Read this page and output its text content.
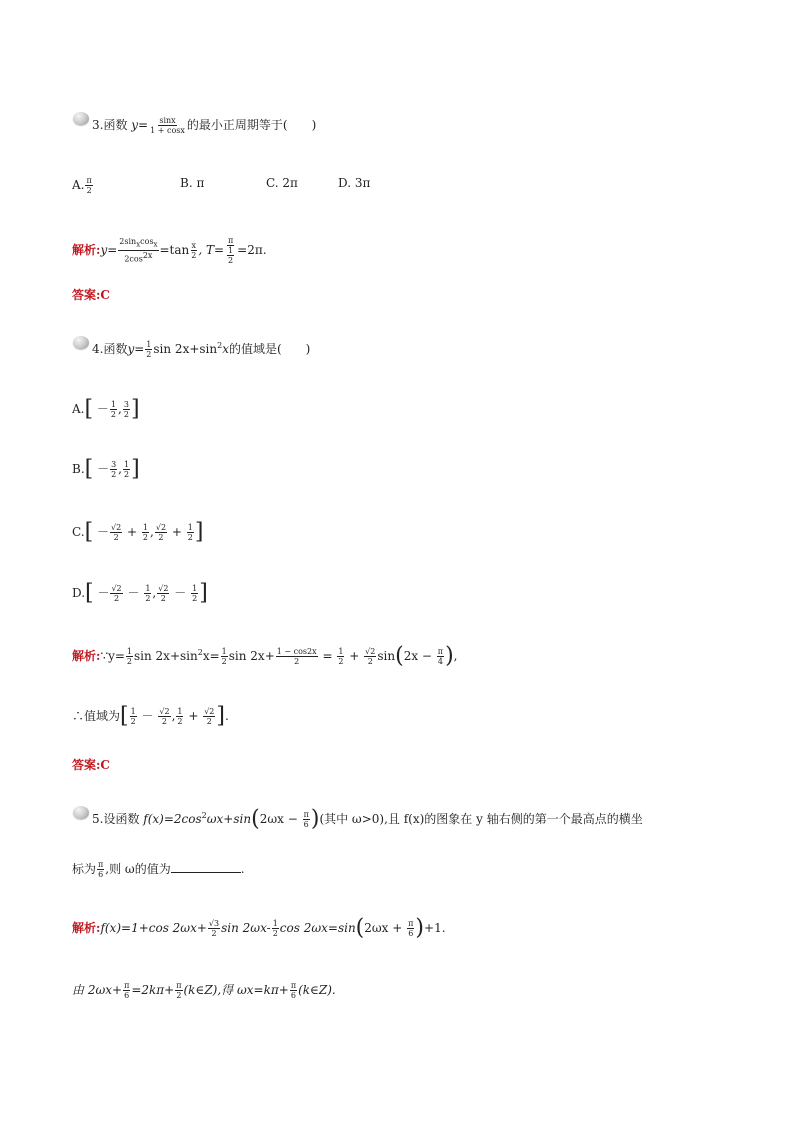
3.函数 $y= \frac{\sin x}{1 + \cos x}$ 的最小正周期等于(　　)
A. $\frac{\pi}{2}$	B. π	C. 2π	D. 3π
解析:y= $\frac{\text{2sinxcosx}}{2\cos 2x} =\tan \frac{x}{2}$ , $T= \frac{\pi}{\frac{1}{2}} =2\pi$.
答案:C
4.函数$y= \frac{1}{2}$ $\sin 2x+\sin^2x$的值域是(　　)
$A.[ - \frac{1}{2}$ , $\frac{3}{2}$ ]
$B.[ - \frac{3}{2}$ , $\frac{1}{2}$ ]
$C.[ - \frac{√2}{2} + \frac{1}{2}$ , $\frac{√2}{2} + \frac{1}{2}$ ]
$D.[ - \frac{√2}{2} - \frac{1}{2}$ , $\frac{√2}{2} - \frac{1}{2}$ ]
解析:∵y= $\frac{1}{2}$ $\sin 2x+\sin^2x= \frac{1}{2}$ $\sin 2x+ \frac{1 - \cos 2x}{2} = \frac{1}{2} + \frac{√2}{2} \sin(2x - \frac{\pi}{4}$ ),
∴值域为[ $\frac{1}{2} - \frac{√2}{2}$ , $\frac{1}{2} + \frac{√2}{2}$ ].
答案:C
5.设函数 $f(x)=2\cos^2\omega x+\sin(2\omega x - \frac{\pi}{6}$ )(其中 ω>0),且 f(x)的图象在 y 轴右侧的第一个最高点的横坐
标为 $\frac{\pi}{6}$ ,则 ω的值为	.
解析:f(x)=1+cos $2\omega x+ \frac{√3}{2}$ $\sin 2\omega x- \frac{1}{2}$ $\cos 2\omega x=\sin(2\omega x + \frac{\pi}{6} )+1$.
由 $2\omega x+ \frac{\pi}{6} =2k\pi+ \frac{\pi}{2}$ (k∈Z),得 $\omega x=k\pi+ \frac{\pi}{6}$ (k∈Z).
